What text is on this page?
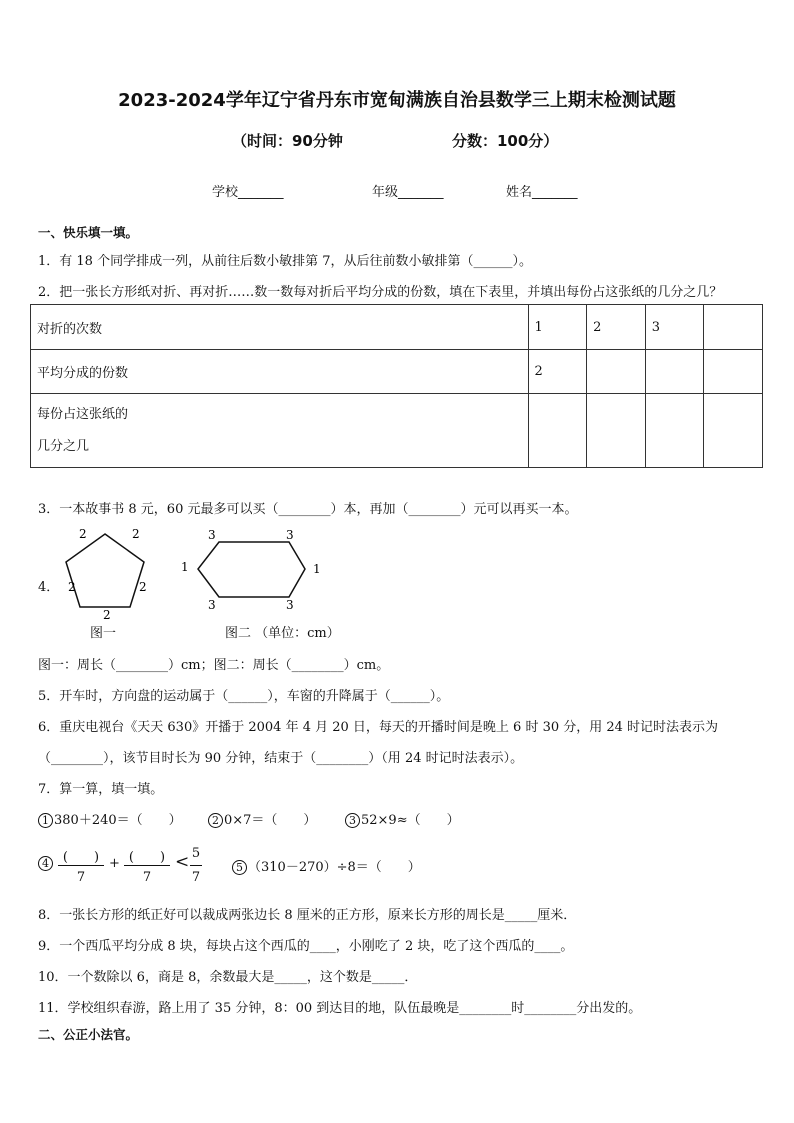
2023-2024学年辽宁省丹东市宽甸满族自治县数学三上期末检测试题
（时间：90分钟	分数：100分）
学校_______	年级_______	姓名_______
一、快乐填一填。
1．有 18 个同学排成一列，从前往后数小敏排第 7，从后往前数小敏排第（______）。
2．把一张长方形纸对折、再对折……数一数每对折后平均分成的份数，填在下表里，并填出每份占这张纸的几分之几？
对折的次数	1	2	3	
平均分成的份数	2			

每份占这张纸的
几分之几				

3．一本故事书 8 元，60 元最多可以买（________）本，再加（________）元可以再买一本。
4．
2	2
2	2
2
3	3
1	1
3	3
图一	图二 （单位：cm）
图一：周长（________）cm；图二：周长（________）cm。
5．开车时，方向盘的运动属于（______），车窗的升降属于（______）。
6．重庆电视台《天天 630》开播于 2004 年 4 月 20 日，每天的开播时间是晚上 6 时 30 分，用 24 时记时法表示为
（________），该节目时长为 90 分钟，结束于（________）（用 24 时记时法表示）。
7．算一算，填一填。
1 380＋240＝（　　）	2 0×7＝（　　）	3 52×9≈（　　）
4	(　　)
7
+ (　　)
7
< 5
7
5 （310－270）÷8＝（　　）
8．一张长方形的纸正好可以裁成两张边长 8 厘米的正方形，原来长方形的周长是_____厘米．
9．一个西瓜平均分成 8 块，每块占这个西瓜的____，小刚吃了 2 块，吃了这个西瓜的____。
10．一个数除以 6，商是 8，余数最大是_____，这个数是_____．
11．学校组织春游，路上用了 35 分钟，8：00 到达目的地，队伍最晚是________时________分出发的。
二、公正小法官。
